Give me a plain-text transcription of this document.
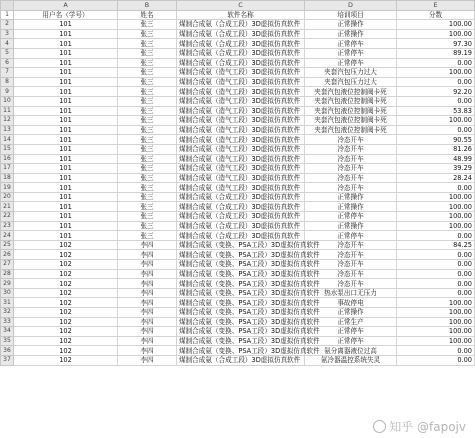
	A	B	C	D	E
1	用户名（学号）	姓名	软件名称	培训项目	分数
2	101	张三	煤制合成氨（合成工段）3D虚拟仿真软件	正常操作	100.00
3	101	张三	煤制合成氨（合成工段）3D虚拟仿真软件	正常操作	100.00
4	101	张三	煤制合成氨（合成工段）3D虚拟仿真软件	正常停车	97.30
5	101	张三	煤制合成氨（合成工段）3D虚拟仿真软件	正常停车	89.19
6	101	张三	煤制合成氨（合成工段）3D虚拟仿真软件	正常停车	0.00
7	101	张三	煤制合成氨（造气工段）3D虚拟仿真软件	夹套汽包压力过大	100.00
8	101	张三	煤制合成氨（造气工段）3D虚拟仿真软件	夹套汽包压力过大	0.00
9	101	张三	煤制合成氨（造气工段）3D虚拟仿真软件	夹套汽包液位控制阀卡死	92.20
10	101	张三	煤制合成氨（造气工段）3D虚拟仿真软件	夹套汽包液位控制阀卡死	0.00
11	101	张三	煤制合成氨（造气工段）3D虚拟仿真软件	夹套汽包液位控制阀卡死	53.83
12	101	张三	煤制合成氨（造气工段）3D虚拟仿真软件	夹套汽包液位控制阀卡死	100.00
13	101	张三	煤制合成氨（造气工段）3D虚拟仿真软件	夹套汽包液位控制阀卡死	0.00
14	101	张三	煤制合成氨（造气工段）3D虚拟仿真软件	冷态开车	90.55
15	101	张三	煤制合成氨（造气工段）3D虚拟仿真软件	冷态开车	81.26
16	101	张三	煤制合成氨（造气工段）3D虚拟仿真软件	冷态开车	48.99
17	101	张三	煤制合成氨（造气工段）3D虚拟仿真软件	冷态开车	39.29
18	101	张三	煤制合成氨（造气工段）3D虚拟仿真软件	冷态开车	28.24
19	101	张三	煤制合成氨（造气工段）3D虚拟仿真软件	冷态开车	0.00
20	101	张三	煤制合成氨（合成工段）3D虚拟仿真软件	正常操作	100.00
21	101	张三	煤制合成氨（合成工段）3D虚拟仿真软件	正常操作	100.00
22	101	张三	煤制合成氨（合成工段）3D虚拟仿真软件	正常停车	100.00
23	101	张三	煤制合成氨（合成工段）3D虚拟仿真软件	正常操作	100.00
24	101	张三	煤制合成氨（合成工段）3D虚拟仿真软件	正常停车	0.00
25	102	李四	煤制合成氨（变换、PSA工段）3D虚拟仿真软件	冷态开车	84.25
26	102	李四	煤制合成氨（变换、PSA工段）3D虚拟仿真软件	冷态开车	0.00
27	102	李四	煤制合成氨（变换、PSA工段）3D虚拟仿真软件	冷态开车	0.00
28	102	李四	煤制合成氨（变换、PSA工段）3D虚拟仿真软件	冷态开车	0.00
29	102	李四	煤制合成氨（变换、PSA工段）3D虚拟仿真软件	冷态开车	0.00
30	102	李四	煤制合成氨（变换、PSA工段）3D虚拟仿真软件	热水泵出口无压力	0.00
31	102	李四	煤制合成氨（变换、PSA工段）3D虚拟仿真软件	事故停电	100.00
32	102	李四	煤制合成氨（变换、PSA工段）3D虚拟仿真软件	正常操作	100.00
33	102	李四	煤制合成氨（变换、PSA工段）3D虚拟仿真软件	正常生产	100.00
34	102	李四	煤制合成氨（变换、PSA工段）3D虚拟仿真软件	正常停车	100.00
35	102	李四	煤制合成氨（变换、PSA工段）3D虚拟仿真软件	正常停车	100.00
36	102	李四	煤制合成氨（变换、PSA工段）3D虚拟仿真软件	氨分离器液位过高	0.00
37	102	李四	煤制合成氨（合成工段）3D虚拟仿真软件	氨冷器温控系统失灵	0.00
知乎 @fapojv
